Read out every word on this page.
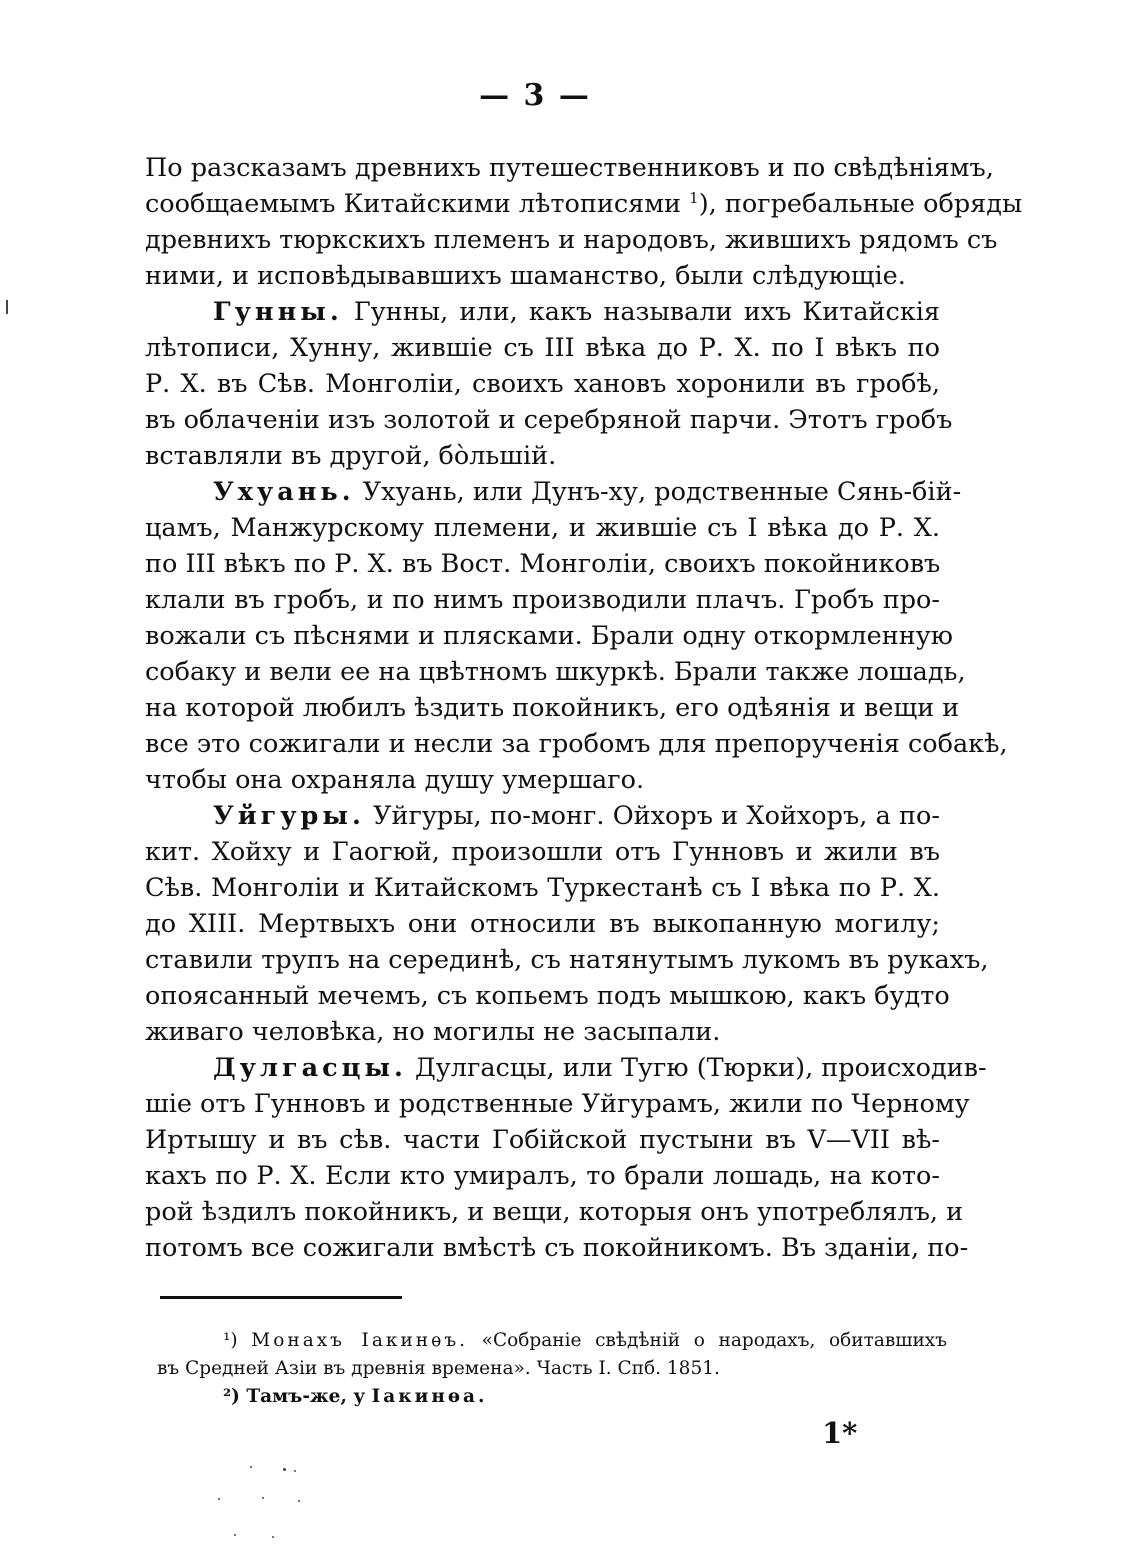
— 3 —
По разсказамъ древнихъ путешественниковъ и по свѣдѣніямъ,
сообщаемымъ Китайскими лѣтописями $^1$), погребальные обряды
древнихъ тюркскихъ племенъ и народовъ, жившихъ рядомъ съ
ними, и исповѣдывавшихъ шаманство, были слѣдующіе.
Гунны. Гунны, или, какъ называли ихъ Китайскія
лѣтописи, Хунну, жившіе съ III вѣка до Р. Х. по I вѣкъ по
Р. Х. въ Сѣв. Монголіи, своихъ хановъ хоронили въ гробѣ,
въ облаченіи изъ золотой и серебряной парчи. Этотъ гробъ
вставляли въ другой, бо̀льшій.
Ухуань. Ухуань, или Дунъ-ху, родственные Сянь-бій-
цамъ, Манжурскому племени, и жившіе съ I вѣка до Р. Х.
по III вѣкъ по Р. Х. въ Вост. Монголіи, своихъ покойниковъ
клали въ гробъ, и по нимъ производили плачъ. Гробъ про-
вожали съ пѣснями и плясками. Брали одну откормленную
собаку и вели ее на цвѣтномъ шкуркѣ. Брали также лошадь,
на которой любилъ ѣздить покойникъ, его одѣянія и вещи и
все это сожигали и несли за гробомъ для препорученія собакѣ,
чтобы она охраняла душу умершаго.
Уйгуры. Уйгуры, по-монг. Ойхоръ и Хойхоръ, а по-
кит. Хойху и Гаогюй, произошли отъ Гунновъ и жили въ
Сѣв. Монголіи и Китайскомъ Туркестанѣ съ I вѣка по Р. Х.
до XIII. Мертвыхъ они относили въ выкопанную могилу;
ставили трупъ на серединѣ, съ натянутымъ лукомъ въ рукахъ,
опоясанный мечемъ, съ копьемъ подъ мышкою, какъ будто
живаго человѣка, но могилы не засыпали.
Дулгасцы. Дулгасцы, или Тугю (Тюрки), происходив-
шіе отъ Гунновъ и родственные Уйгурамъ, жили по Черному
Иртышу и въ сѣв. части Гобійской пустыни въ V—VII вѣ-
кахъ по Р. Х. Если кто умиралъ, то брали лошадь, на кото-
рой ѣздилъ покойникъ, и вещи, которыя онъ употреблялъ, и
потомъ все сожигали вмѣстѣ съ покойникомъ. Въ зданіи, по-
¹) Монахъ Іакинѳъ. «Собраніе свѣдѣній о народахъ, обитавшихъ
въ Средней Азіи въ древнія времена». Часть I. Спб. 1851.
²) Тамъ-же, у Іакинѳа.
1*
